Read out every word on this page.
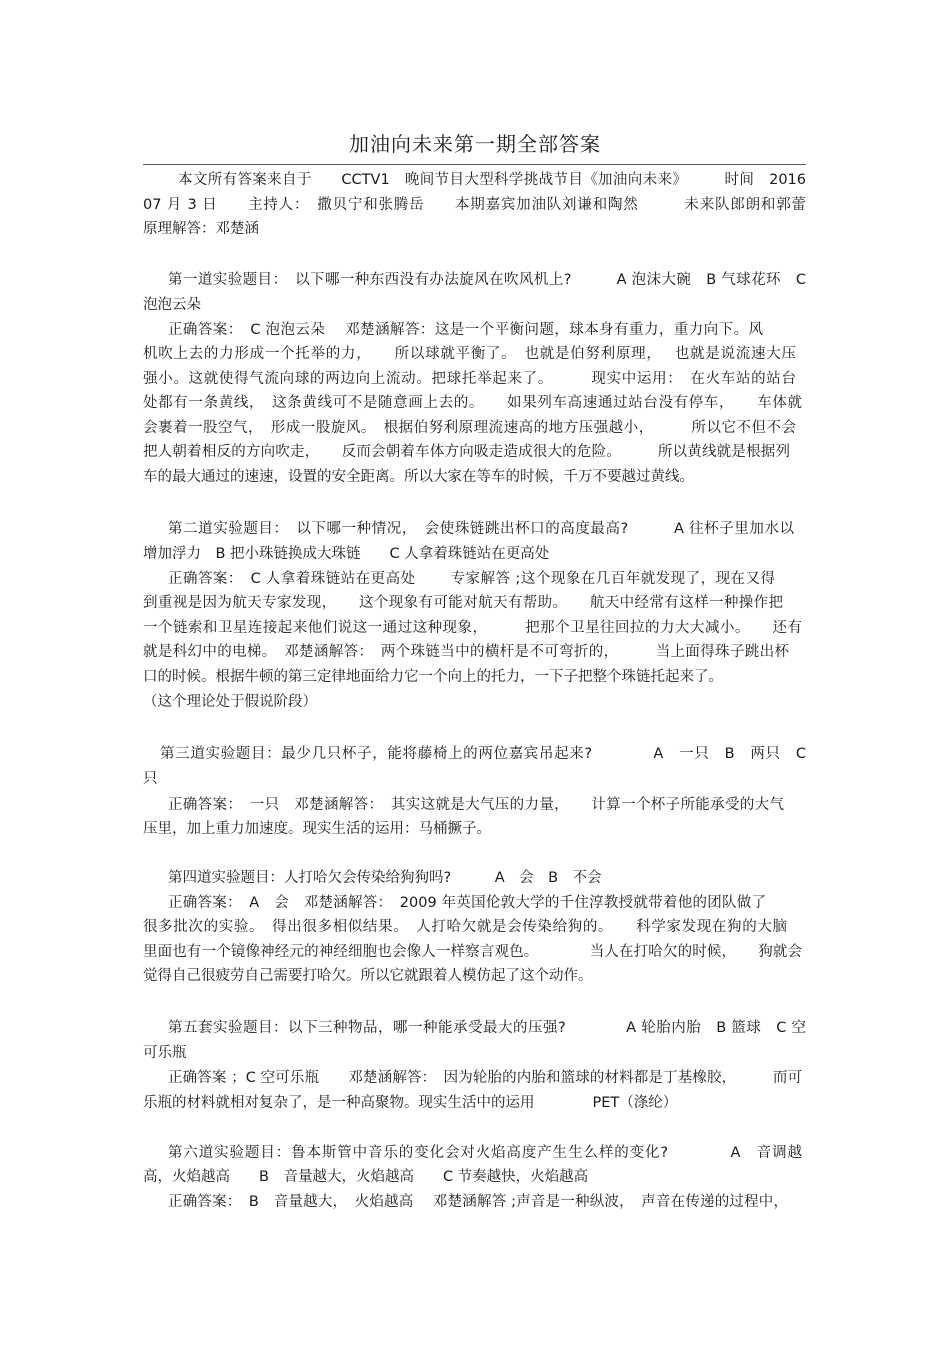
加油向未来第一期全部答案
本文所有答案来自于　　CCTV1　晚间节目大型科学挑战节目《加油向未来》　　　时间　2016
07 月 3 日　　主持人：　撒贝宁和张腾岳　　本期嘉宾加油队刘谦和陶然　　　未来队郎朗和郭蕾　　
原理解答：邓楚涵
第一道实验题目：　以下哪一种东西没有办法旋风在吹风机上?　　　A 泡沫大碗　B 气球花环　C
泡泡云朵
正确答案：　C 泡泡云朵　 邓楚涵解答：这是一个平衡问题，球本身有重力，重力向下。风
机吹上去的力形成一个托举的力，　　所以球就平衡了。　也就是伯努利原理，　 也就是说流速大压
强小。这就使得气流向球的两边向上流动。把球托举起来了。　　　现实中运用：　在火车站的站台
处都有一条黄线，　这条黄线可不是随意画上去的。　　如果列车高速通过站台没有停车，　　车体就
会裹着一股空气，　形成一股旋风。　根据伯努利原理流速高的地方压强越小，　　　所以它不但不会
把人朝着相反的方向吹走，　　反而会朝着车体方向吸走造成很大的危险。　　　所以黄线就是根据列
车的最大通过的速速，设置的安全距离。所以大家在等车的时候，千万不要越过黄线。
第二道实验题目：　以下哪一种情况，　会使珠链跳出杯口的高度最高?　　　A 往杯子里加水以
增加浮力　B 把小珠链换成大珠链　　C 人拿着珠链站在更高处
正确答案：　C 人拿着珠链站在更高处　　 专家解答 ;这个现象在几百年就发现了，现在又得
到重视是因为航天专家发现，　　这个现象有可能对航天有帮助。　　航天中经常有这样一种操作把
一个链索和卫星连接起来他们说这一通过这种现象，　　　把那个卫星往回拉的力大大减小。　　还有
就是科幻中的电梯。　邓楚涵解答：　两个珠链当中的横杆是不可弯折的，　　　当上面得珠子跳出杯
口的时候。根据牛顿的第三定律地面给力它一个向上的托力，一下子把整个珠链托起来了。
（这个理论处于假说阶段）
第三道实验题目：最少几只杯子，能将藤椅上的两位嘉宾吊起来?　　　　A　一只　B　两只　C　
只
正确答案：　一只　邓楚涵解答：　其实这就是大气压的力量，　　计算一个杯子所能承受的大气
压里，加上重力加速度。现实生活的运用：马桶撅子。
第四道实验题目：人打哈欠会传染给狗狗吗?　　　A　会　B　不会
正确答案：　A　会　邓楚涵解答：　2009 年英国伦敦大学的千住淳教授就带着他的团队做了
很多批次的实验。　得出很多相似结果。　人打哈欠就是会传染给狗的。　　科学家发现在狗的大脑
里面也有一个镜像神经元的神经细胞也会像人一样察言观色。　　　　当人在打哈欠的时候，　　狗就会
觉得自己很疲劳自己需要打哈欠。所以它就跟着人模仿起了这个动作。
第五套实验题目：以下三种物品，哪一种能承受最大的压强?　　　　A 轮胎内胎　B 篮球　C 空
可乐瓶
正确答案 ；C 空可乐瓶　　邓楚涵解答：　因为轮胎的内胎和篮球的材料都是丁基橡胶，　　　而可
乐瓶的材料就相对复杂了，是一种高聚物。现实生活中的运用　　　　PET（涤纶）
第六道实验题目：鲁本斯管中音乐的变化会对火焰高度产生生么样的变化?　　　　A　音调越
高，火焰越高　　B　音量越大，火焰越高　　C 节奏越快，火焰越高
正确答案：　B　音量越大，　火焰越高　 邓楚涵解答 ;声音是一种纵波，　声音在传递的过程中，
